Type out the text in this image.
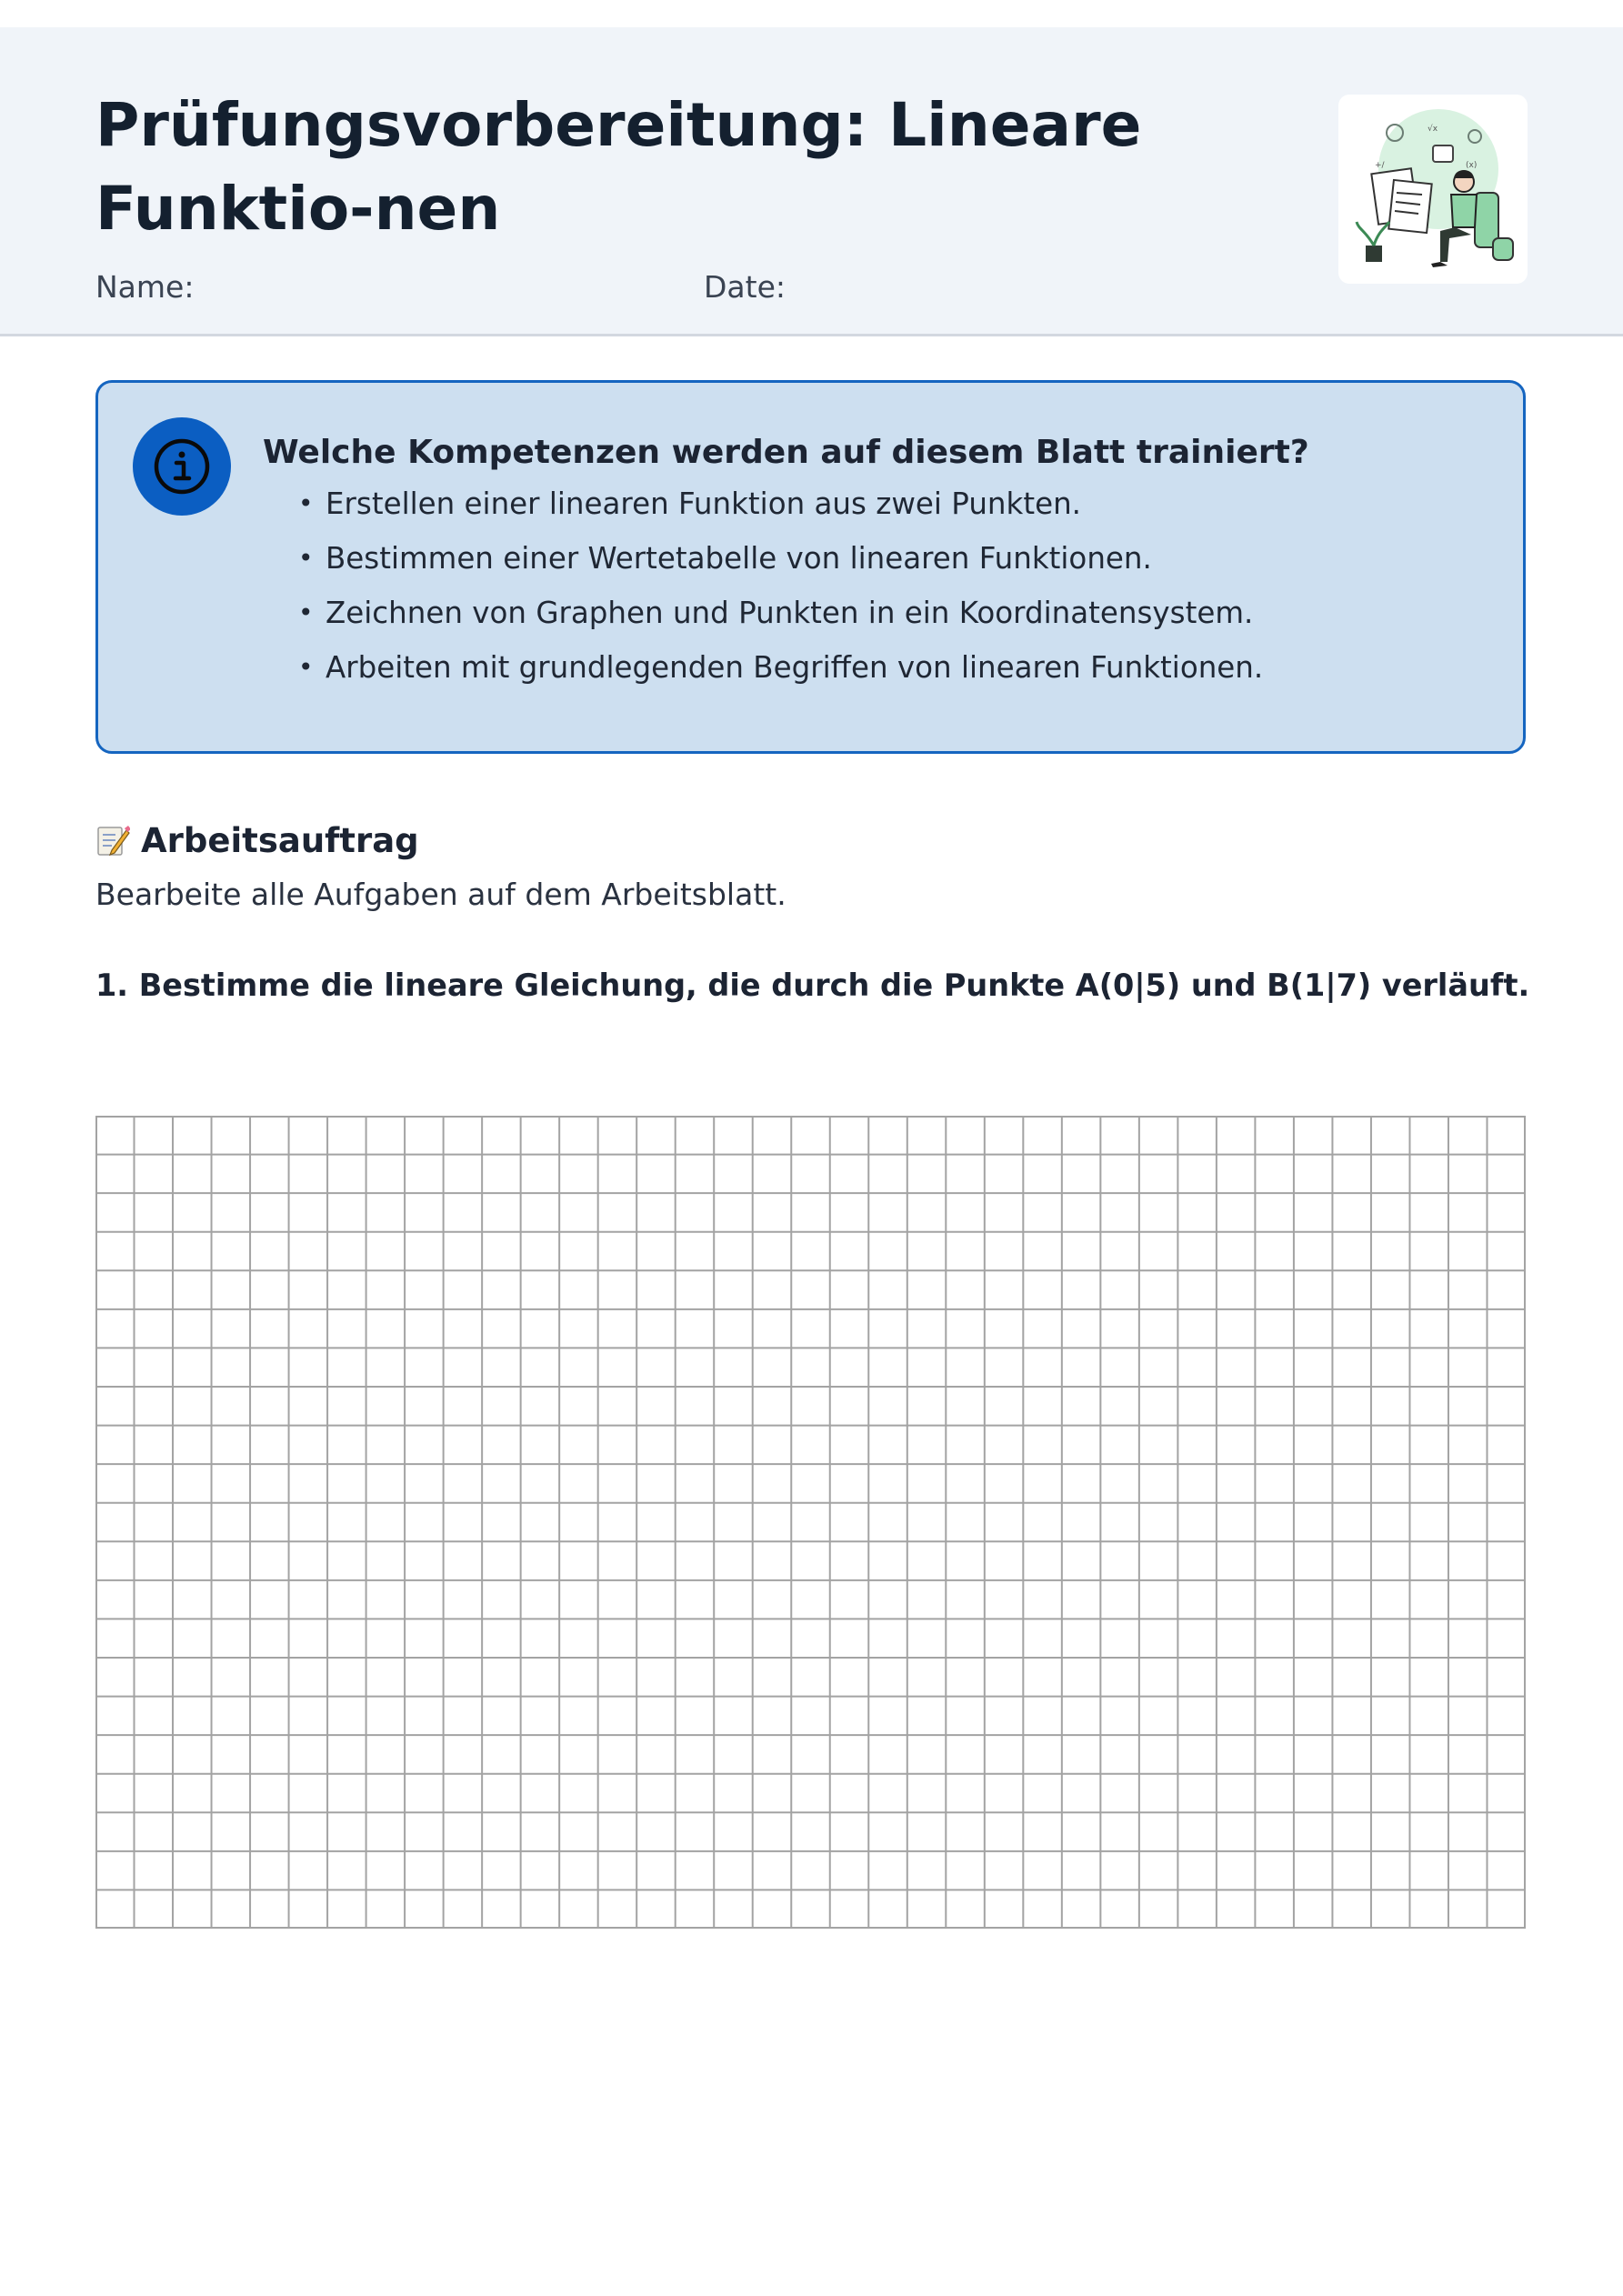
Prüfungsvorbereitung: Lineare Funktio-nen
Name:	Date:
√x
(x)
+/
Welche Kompetenzen werden auf diesem Blatt trainiert?
• Erstellen einer linearen Funktion aus zwei Punkten.
• Bestimmen einer Wertetabelle von linearen Funktionen.
• Zeichnen von Graphen und Punkten in ein Koordinatensystem.
• Arbeiten mit grundlegenden Begriffen von linearen Funktionen.
Arbeitsauftrag
Bearbeite alle Aufgaben auf dem Arbeitsblatt.
1. Bestimme die lineare Gleichung, die durch die Punkte A(0|5) und B(1|7) verläuft.
